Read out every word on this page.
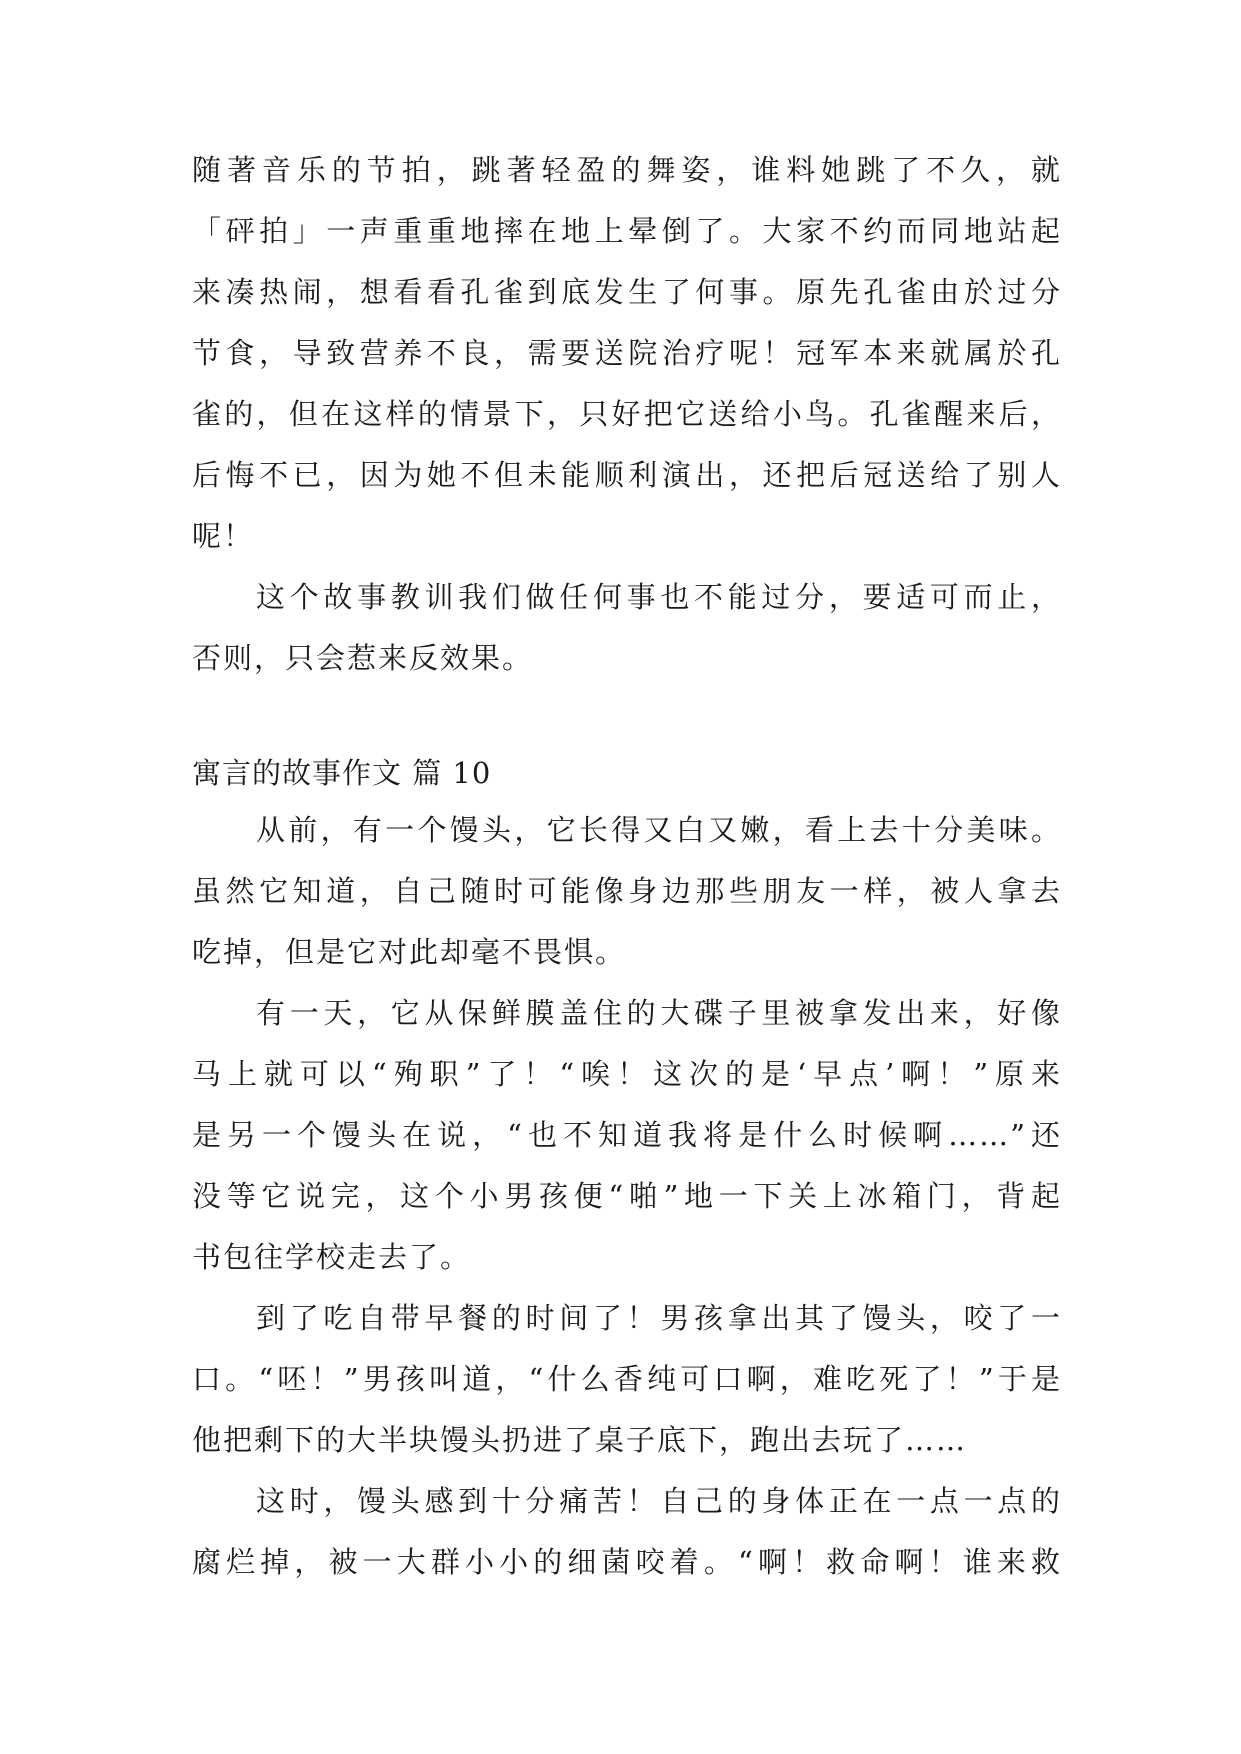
随著音乐的节拍，跳著轻盈的舞姿，谁料她跳了不久，就
「砰拍」一声重重地摔在地上晕倒了。大家不约而同地站起
来凑热闹，想看看孔雀到底发生了何事。原先孔雀由於过分
节食，导致营养不良，需要送院治疗呢！冠军本来就属於孔
雀的，但在这样的情景下，只好把它送给小鸟。孔雀醒来后，
后悔不已，因为她不但未能顺利演出，还把后冠送给了别人
呢！
这个故事教训我们做任何事也不能过分，要适可而止，
否则，只会惹来反效果。
寓言的故事作文 篇 10
从前，有一个馒头，它长得又白又嫩，看上去十分美味。
虽然它知道，自己随时可能像身边那些朋友一样，被人拿去
吃掉，但是它对此却毫不畏惧。
有一天，它从保鲜膜盖住的大碟子里被拿发出来，好像
马上就可以“殉职”了！“唉！这次的是‘早点’啊！”原来
是另一个馒头在说，“也不知道我将是什么时候啊……”还
没等它说完，这个小男孩便“啪”地一下关上冰箱门，背起
书包往学校走去了。
到了吃自带早餐的时间了！男孩拿出其了馒头，咬了一
口。“呸！”男孩叫道，“什么香纯可口啊，难吃死了！”于是
他把剩下的大半块馒头扔进了桌子底下，跑出去玩了……
这时，馒头感到十分痛苦！自己的身体正在一点一点的
腐烂掉，被一大群小小的细菌咬着。“啊！救命啊！谁来救
